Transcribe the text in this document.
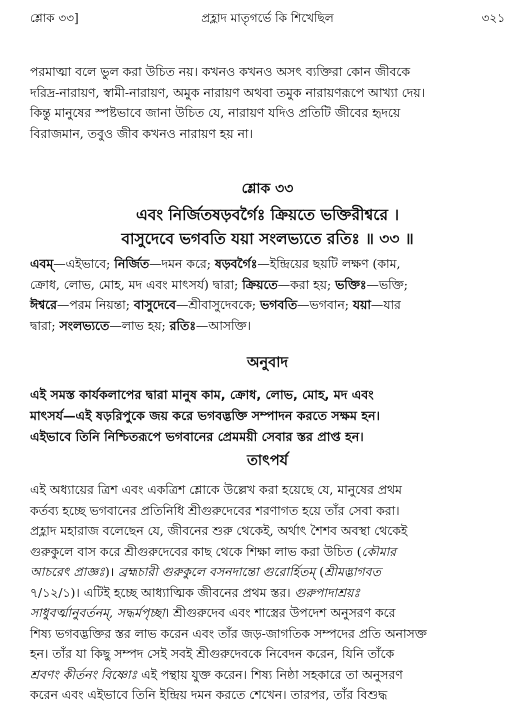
শ্লোক ৩৩]	প্রহ্লাদ মাতৃগর্ভে কি শিখেছিল	৩২১

পরমাত্মা বলে ভুল করা উচিত নয়। কখনও কখনও অসৎ ব্যক্তিরা কোন জীবকে

দরিদ্র-নারায়ণ, স্বামী-নারায়ণ, অমুক নারায়ণ অথবা তমুক নারায়ণরূপে আখ্যা দেয়।

কিন্তু মানুষের স্পষ্টভাবে জানা উচিত যে, নারায়ণ যদিও প্রতিটি জীবের হৃদয়ে

বিরাজমান, তবুও জীব কখনও নারায়ণ হয় না।

শ্লোক ৩৩
এবং নির্জিতষড়বর্গৈঃ ক্রিয়তে ভক্তিরীশ্বরে ।
বাসুদেবে ভগবতি যয়া সংলভ্যতে রতিঃ ॥ ৩৩ ॥

এবম্—এইভাবে; নির্জিত—দমন করে; ষড়বর্গৈঃ—ইন্দ্রিয়ের ছয়টি লক্ষণ (কাম,

ক্রোধ, লোভ, মোহ, মদ এবং মাৎসর্য) দ্বারা; ক্রিয়তে—করা হয়; ভক্তিঃ—ভক্তি;

ঈশ্বরে—পরম নিয়ন্তা; বাসুদেবে—শ্রীবাসুদেবকে; ভগবতি—ভগবান; যয়া—যার

দ্বারা; সংলভ্যতে—লাভ হয়; রতিঃ—আসক্তি।

অনুবাদ

এই সমস্ত কার্যকলাপের দ্বারা মানুষ কাম, ক্রোধ, লোভ, মোহ, মদ এবং

মাৎসর্য—এই ষড়রিপুকে জয় করে ভগবদ্ভক্তি সম্পাদন করতে সক্ষম হন।

এইভাবে তিনি নিশ্চিতরূপে ভগবানের প্রেমময়ী সেবার স্তর প্রাপ্ত হন।

তাৎপর্য

এই অধ্যায়ের ত্রিশ এবং একত্রিশ শ্লোকে উল্লেখ করা হয়েছে যে, মানুষের প্রথম

কর্তব্য হচ্ছে ভগবানের প্রতিনিধি শ্রীগুরুদেবের শরণাগত হয়ে তাঁর সেবা করা।

প্রহ্লাদ মহারাজ বলেছেন যে, জীবনের শুরু থেকেই, অর্থাৎ শৈশব অবস্থা থেকেই

গুরুকুলে বাস করে শ্রীগুরুদেবের কাছ থেকে শিক্ষা লাভ করা উচিত (কৌমার

আচরেৎ প্রাজ্ঞঃ)। ব্রহ্মচারী গুরুকুলে বসনদান্তো গুরোর্হিতম্ (শ্রীমদ্ভাগবত

৭/১২/১)। এটিই হচ্ছে আধ্যাত্মিক জীবনের প্রথম স্তর। গুরুপাদাশ্রয়ঃ

সাধুবর্ত্মানুবর্তনম্, সদ্ধর্মপৃচ্ছা। শ্রীগুরুদেব এবং শাস্ত্রের উপদেশ অনুসরণ করে

শিষ্য ভগবদ্ভক্তির স্তর লাভ করেন এবং তাঁর জড়-জাগতিক সম্পদের প্রতি অনাসক্ত

হন। তাঁর যা কিছু সম্পদ সেই সবই শ্রীগুরুদেবকে নিবেদন করেন, যিনি তাঁকে

শ্রবণং কীর্তনং বিষ্ণোঃ এই পন্থায় যুক্ত করেন। শিষ্য নিষ্ঠা সহকারে তা অনুসরণ

করেন এবং এইভাবে তিনি ইন্দ্রিয় দমন করতে শেখেন। তারপর, তাঁর বিশুদ্ধ
